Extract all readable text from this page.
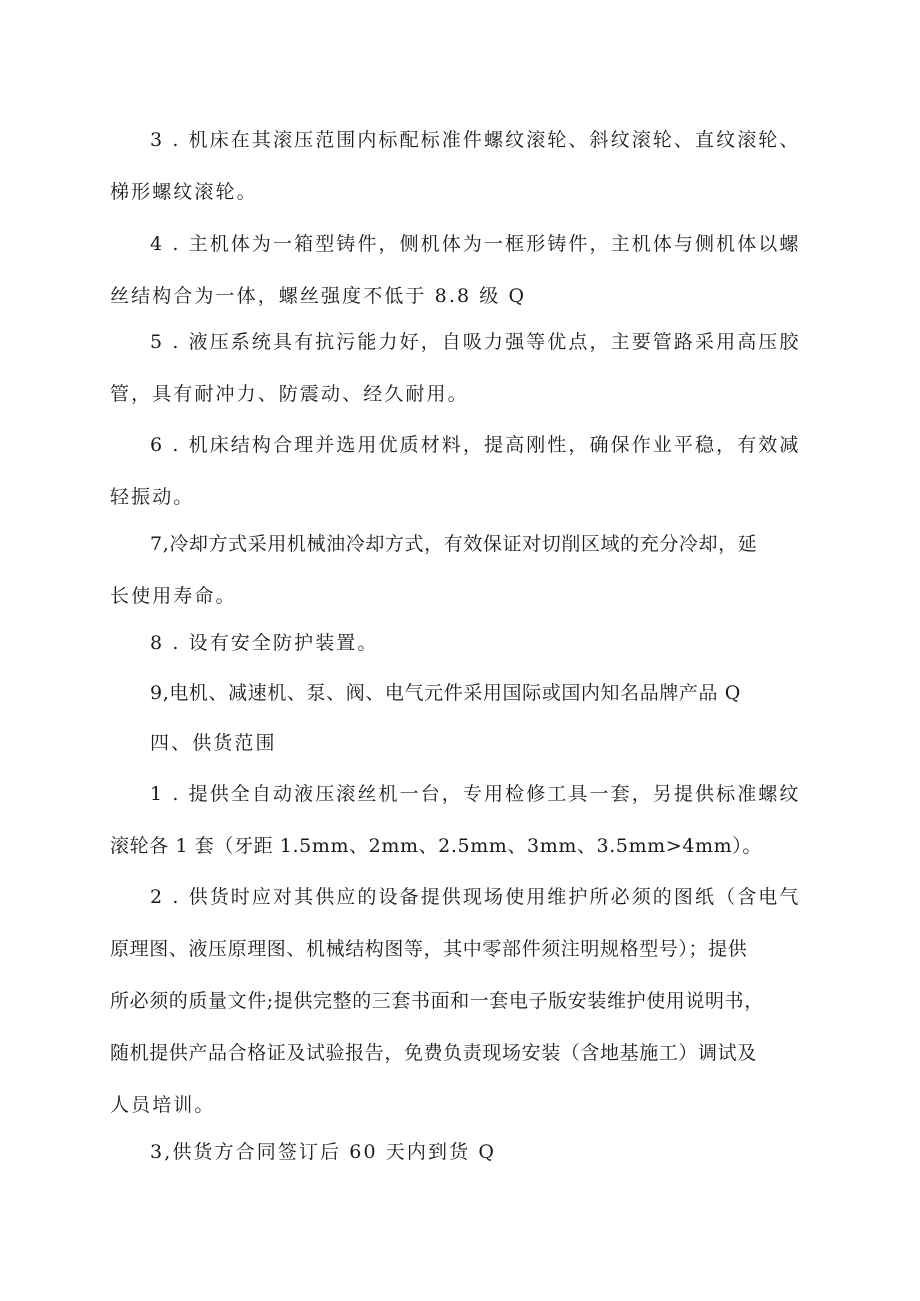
3 . 机床在其滚压范围内标配标准件螺纹滚轮、斜纹滚轮、直纹滚轮、
梯形螺纹滚轮。

4 . 主机体为一箱型铸件，侧机体为一框形铸件，主机体与侧机体以螺
丝结构合为一体，螺丝强度不低于 8.8 级 Q

5 . 液压系统具有抗污能力好，自吸力强等优点，主要管路采用高压胶
管，具有耐冲力、防震动、经久耐用。

6 . 机床结构合理并选用优质材料，提高刚性，确保作业平稳，有效减
轻振动。

7,冷却方式采用机械油冷却方式，有效保证对切削区域的充分冷却，延
长使用寿命。

8 . 设有安全防护装置。

9,电机、减速机、泵、阀、电气元件采用国际或国内知名品牌产品 Q

四、供货范围

1 . 提供全自动液压滚丝机一台，专用检修工具一套，另提供标准螺纹
滚轮各 1 套（牙距 1.5mm、2mm、2.5mm、3mm、3.5mm>4mm）。

2 . 供货时应对其供应的设备提供现场使用维护所必须的图纸（含电气
原理图、液压原理图、机械结构图等，其中零部件须注明规格型号）；提供
所必须的质量文件;提供完整的三套书面和一套电子版安装维护使用说明书，
随机提供产品合格证及试验报告，免费负责现场安装（含地基施工）调试及
人员培训。

3,供货方合同签订后 60 天内到货 Q
